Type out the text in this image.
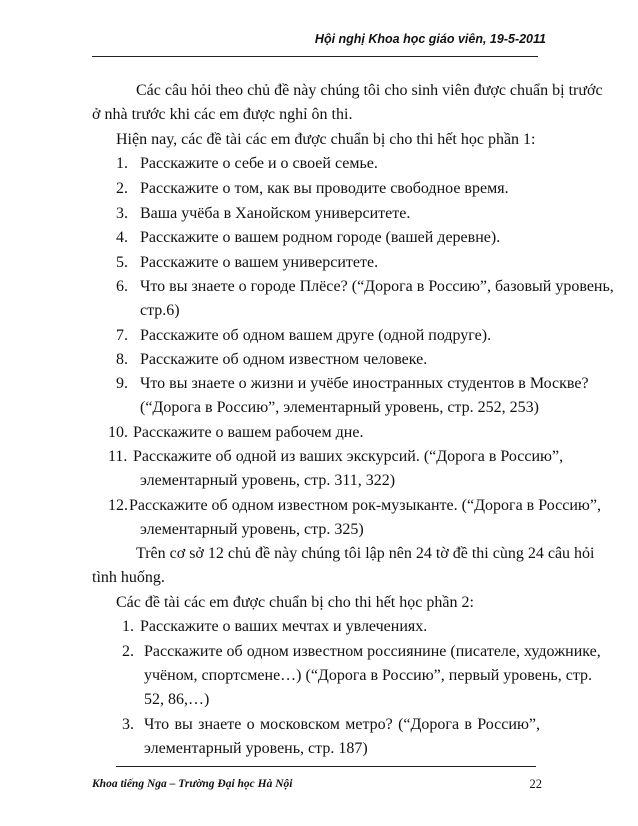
Hội nghị Khoa học giáo viên, 19-5-2011
Các câu hỏi theo chủ đề này chúng tôi cho sinh viên được chuẩn bị trước
ở nhà trước khi các em được nghỉ ôn thi.
Hiện nay, các đề tài các em được chuẩn bị cho thi hết học phần 1:
1. Расскажите о себе и о своей семье.
2. Расскажите о том, как вы проводите свободное время.
3. Ваша учёба в Ханойском университете.
4. Расскажите о вашем родном городе (вашей деревне).
5. Расскажите о вашем университете.
6. Что вы знаете о городе Плёсе? (“Дорога в Россию”, базовый уровень,
стр.6)
7. Расскажите об одном вашем друге (одной подруге).
8. Расскажите об одном известном человеке.
9. Что вы знаете о жизни и учёбе иностранных студентов в Москве?
(“Дорога в Россию”, элементарный уровень, стр. 252, 253)
10. Расскажите о вашем рабочем дне.
11. Расскажите об одной из ваших экскурсий. (“Дорога в Россию”,
элементарный уровень, стр. 311, 322)
12. Расскажите об одном известном рок-музыканте. (“Дорога в Россию”,
элементарный уровень, стр. 325)
Trên cơ sở 12 chủ đề này chúng tôi lập nên 24 tờ đề thi cùng 24 câu hỏi
tình huống.
Các đề tài các em được chuẩn bị cho thi hết học phần 2:
1. Расскажите о ваших мечтах и увлечениях.
2. Расскажите об одном известном россиянине (писателе, художнике,
учёном, спортсмене…) (“Дорога в Россию”, первый уровень, стр.
52, 86,…)
3. Что вы знаете о московском метро? (“Дорога в Россию”,
элементарный уровень, стр. 187)
Khoa tiếng Nga – Trường Đại học Hà Nội	22
